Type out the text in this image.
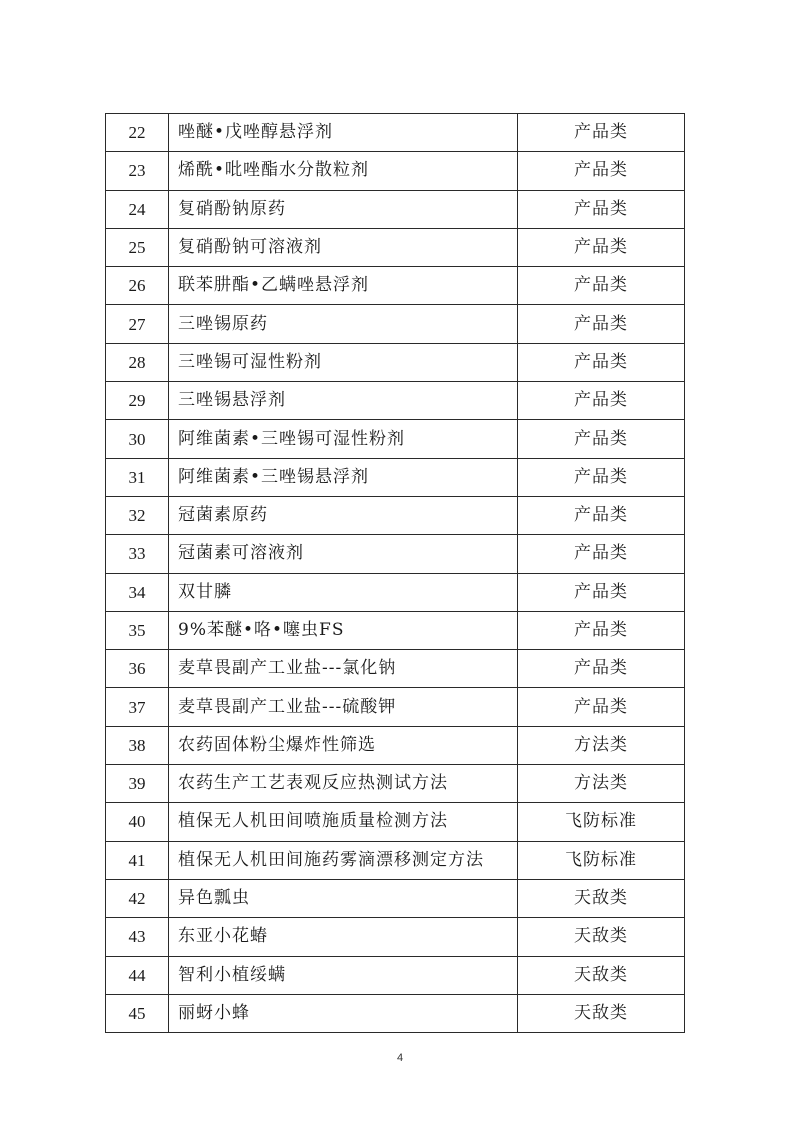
22	唑醚•戊唑醇悬浮剂	产品类
23	烯酰•吡唑酯水分散粒剂	产品类
24	复硝酚钠原药	产品类
25	复硝酚钠可溶液剂	产品类
26	联苯肼酯•乙螨唑悬浮剂	产品类
27	三唑锡原药	产品类
28	三唑锡可湿性粉剂	产品类
29	三唑锡悬浮剂	产品类
30	阿维菌素•三唑锡可湿性粉剂	产品类
31	阿维菌素•三唑锡悬浮剂	产品类
32	冠菌素原药	产品类
33	冠菌素可溶液剂	产品类
34	双甘膦	产品类
35	9%苯醚•咯•噻虫FS	产品类
36	麦草畏副产工业盐---氯化钠	产品类
37	麦草畏副产工业盐---硫酸钾	产品类
38	农药固体粉尘爆炸性筛选	方法类
39	农药生产工艺表观反应热测试方法	方法类
40	植保无人机田间喷施质量检测方法	飞防标准
41	植保无人机田间施药雾滴漂移测定方法	飞防标准
42	异色瓢虫	天敌类
43	东亚小花蝽	天敌类
44	智利小植绥螨	天敌类
45	丽蚜小蜂	天敌类
4
